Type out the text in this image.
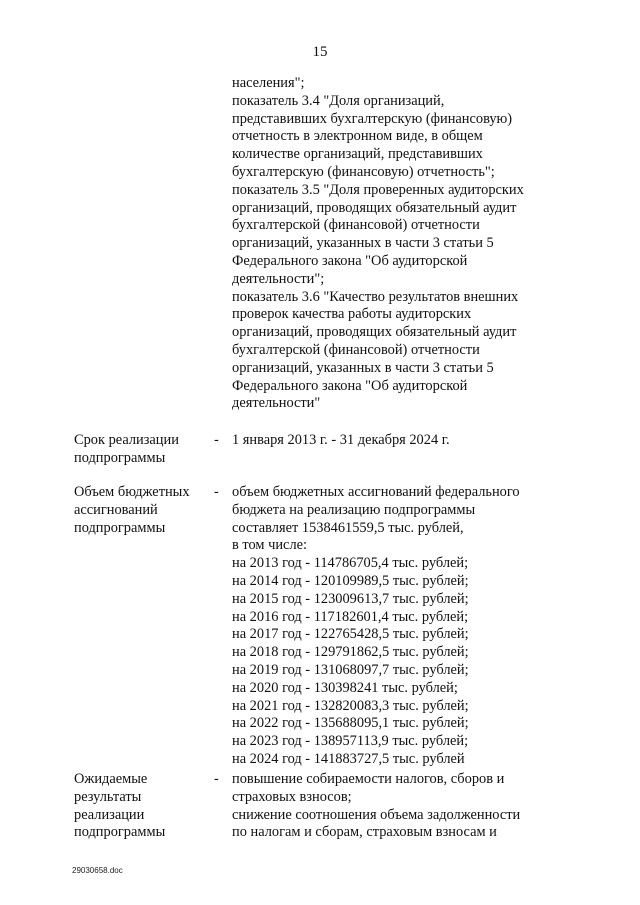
15
населения";
показатель 3.4 "Доля организаций,
представивших бухгалтерскую (финансовую)
отчетность в электронном виде, в общем
количестве организаций, представивших
бухгалтерскую (финансовую) отчетность";
показатель 3.5 "Доля проверенных аудиторских
организаций, проводящих обязательный аудит
бухгалтерской (финансовой) отчетности
организаций, указанных в части 3 статьи 5
Федерального закона "Об аудиторской
деятельности";
показатель 3.6 "Качество результатов внешних
проверок качества работы аудиторских
организаций, проводящих обязательный аудит
бухгалтерской (финансовой) отчетности
организаций, указанных в части 3 статьи 5
Федерального закона "Об аудиторской
деятельности"
Срок реализации
подпрограммы
- 1 января 2013 г. - 31 декабря 2024 г.
Объем бюджетных
ассигнований
подпрограммы
- объем бюджетных ассигнований федерального
бюджета на реализацию подпрограммы
составляет 1538461559,5 тыс. рублей,
в том числе:
на 2013 год - 114786705,4 тыс. рублей;
на 2014 год - 120109989,5 тыс. рублей;
на 2015 год - 123009613,7 тыс. рублей;
на 2016 год - 117182601,4 тыс. рублей;
на 2017 год - 122765428,5 тыс. рублей;
на 2018 год - 129791862,5 тыс. рублей;
на 2019 год - 131068097,7 тыс. рублей;
на 2020 год - 130398241 тыс. рублей;
на 2021 год - 132820083,3 тыс. рублей;
на 2022 год - 135688095,1 тыс. рублей;
на 2023 год - 138957113,9 тыс. рублей;
на 2024 год - 141883727,5 тыс. рублей
Ожидаемые
результаты
реализации
подпрограммы
- повышение собираемости налогов, сборов и
страховых взносов;
снижение соотношения объема задолженности
по налогам и сборам, страховым взносам и
29030658.doc
